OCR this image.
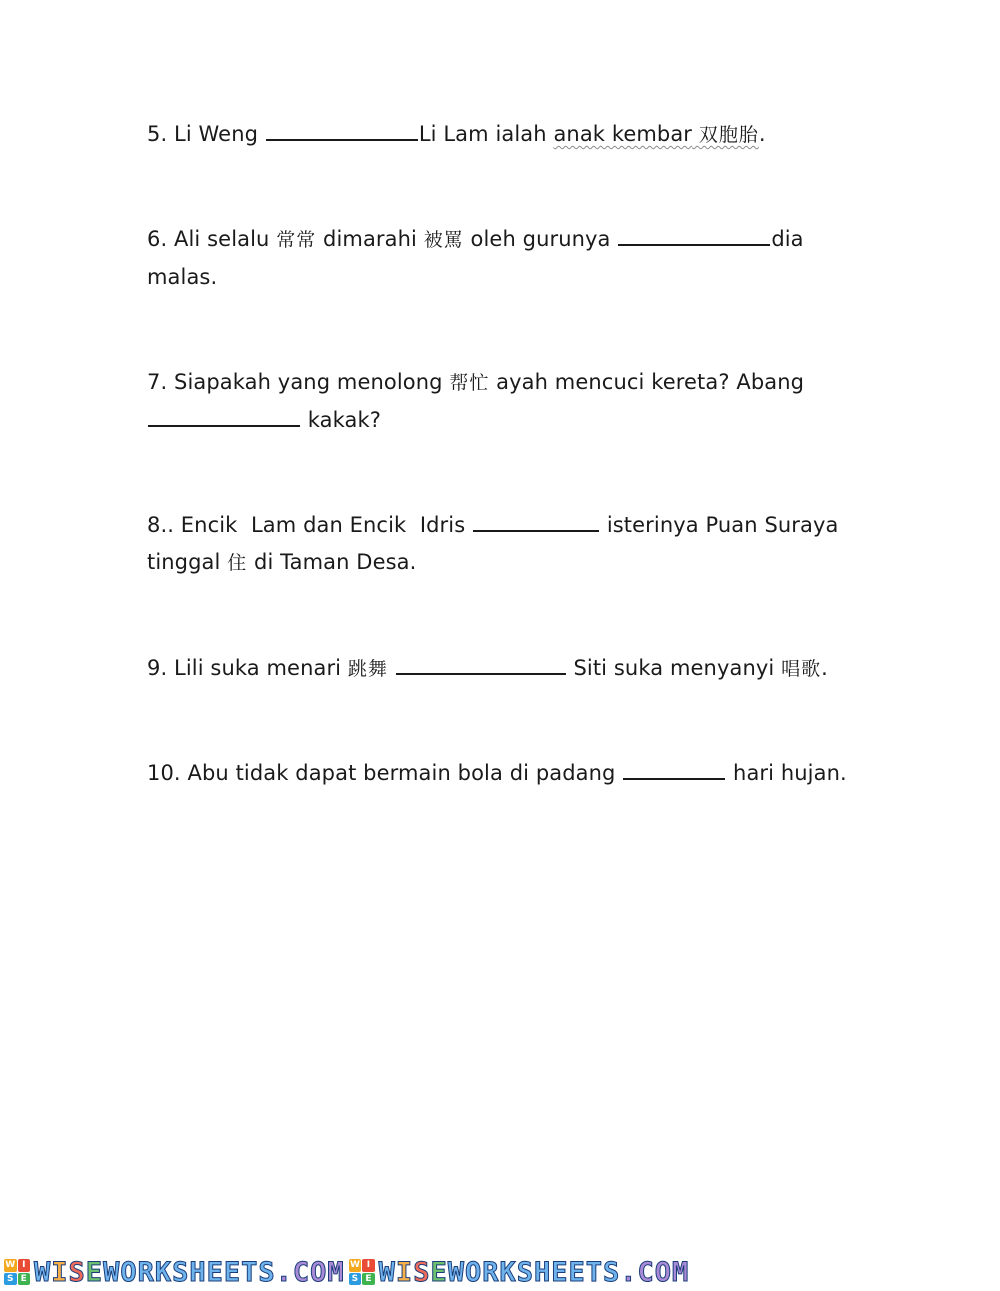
5. Li Weng	Li Lam ialah anak kembar 双胞胎.
6. Ali selalu 常常 dimarahi 被罵 oleh gurunya	dia
malas.
7. Siapakah yang menolong 帮忙 ayah mencuci kereta? Abang
kakak?
8.. Encik  Lam dan Encik  Idris	isterinya Puan Suraya
tinggal 住 di Taman Desa.
9. Lili suka menari 跳舞	Siti suka menyanyi 唱歌.
10. Abu tidak dapat bermain bola di padang	hari hujan.
W I
S E WISEWORKSHEETS.COM W I
S E WISEWORKSHEETS.COM
